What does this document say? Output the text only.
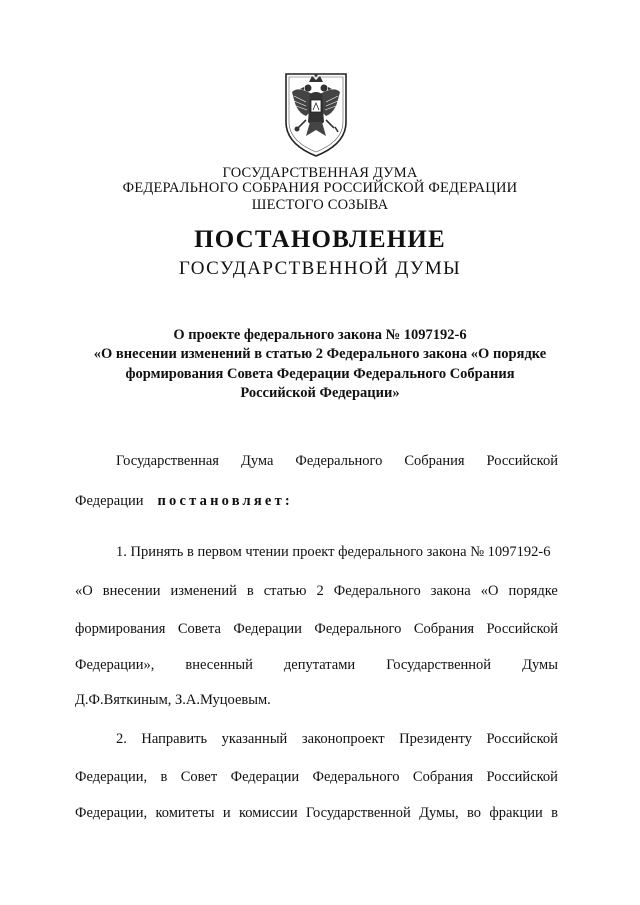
ГОСУДАРСТВЕННАЯ ДУМА
ФЕДЕРАЛЬНОГО СОБРАНИЯ РОССИЙСКОЙ ФЕДЕРАЦИИ
ШЕСТОГО СОЗЫВА
ПОСТАНОВЛЕНИЕ
ГОСУДАРСТВЕННОЙ ДУМЫ
О проекте федерального закона № 1097192-6
«О внесении изменений в статью 2 Федерального закона «О порядке
формирования Совета Федерации Федерального Собрания
Российской Федерации»
Государственная Дума Федерального Собрания Российской
Федерации постановляет:
1. Принять в первом чтении проект федерального закона № 1097192-6
«О внесении изменений в статью 2 Федерального закона «О порядке
формирования Совета Федерации Федерального Собрания Российской
Федерации», внесенный депутатами Государственной Думы
Д.Ф.Вяткиным, З.А.Муцоевым.
2. Направить указанный законопроект Президенту Российской
Федерации, в Совет Федерации Федерального Собрания Российской
Федерации, комитеты и комиссии Государственной Думы, во фракции в
